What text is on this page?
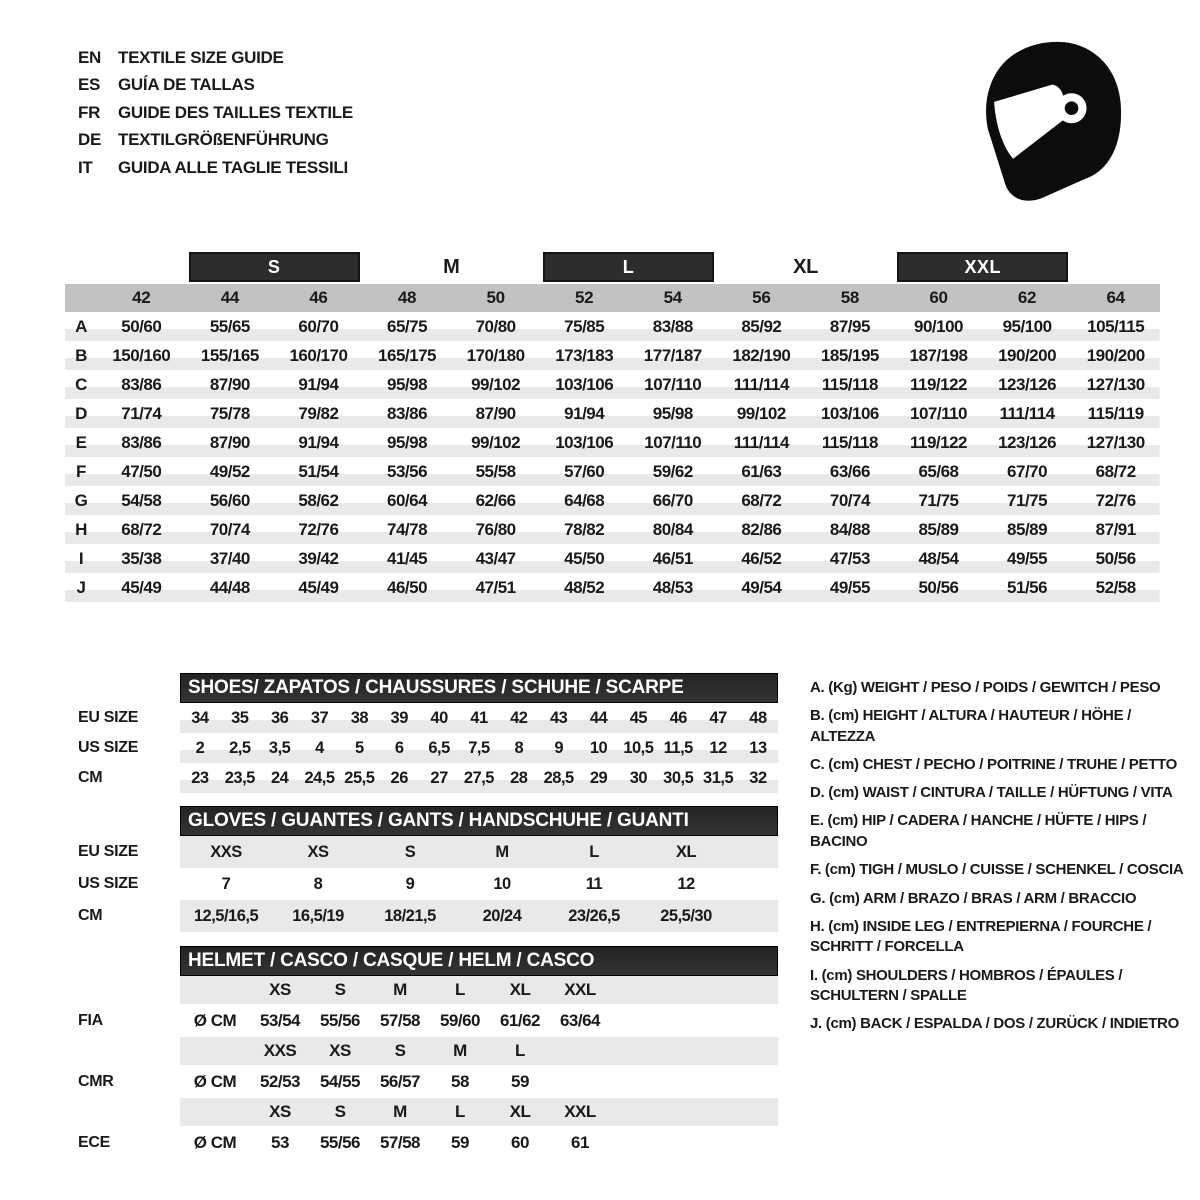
EN TEXTILE SIZE GUIDE
ES	GUÍA DE TALLAS
FR	GUIDE DES TAILLES TEXTILE
DE TEXTILGRÖßENFÜHRUNG
IT	GUIDA ALLE TAGLIE TESSILI

		S		M		L		XL		XXL		

	42	44	46	48	50	52	54	56	58	60	62	64
A	50/60	55/65	60/70	65/75	70/80	75/85	83/88	85/92	87/95	90/100	95/100	105/115
B	150/160	155/165	160/170	165/175	170/180	173/183	177/187	182/190	185/195	187/198	190/200	190/200
C	83/86	87/90	91/94	95/98	99/102	103/106	107/110	111/114	115/118	119/122	123/126	127/130
D	71/74	75/78	79/82	83/86	87/90	91/94	95/98	99/102	103/106	107/110	111/114	115/119
E	83/86	87/90	91/94	95/98	99/102	103/106	107/110	111/114	115/118	119/122	123/126	127/130
F	47/50	49/52	51/54	53/56	55/58	57/60	59/62	61/63	63/66	65/68	67/70	68/72
G	54/58	56/60	58/62	60/64	62/66	64/68	66/70	68/72	70/74	71/75	71/75	72/76
H	68/72	70/74	72/76	74/78	76/80	78/82	80/84	82/86	84/88	85/89	85/89	87/91
I	35/38	37/40	39/42	41/45	43/47	45/50	46/51	46/52	47/53	48/54	49/55	50/56
J	45/49	44/48	45/49	46/50	47/51	48/52	48/53	49/54	49/55	50/56	51/56	52/58
SHOES/ ZAPATOS / CHAUSSURES / SCHUHE / SCARPE
EU SIZE	34	35	36	37	38	39	40	41	42	43	44	45	46	47	48
US SIZE	2	2,5	3,5	4	5	6	6,5	7,5	8	9	10 10,5 11,5	12	13
CM	23 23,5 24 24,5 25,5 26	27 27,5 28 28,5 29	30 30,5 31,5 32
GLOVES / GUANTES / GANTS / HANDSCHUHE / GUANTI
EU SIZE	XXS	XS	S	M	L	XL
US SIZE	7	8	9	10	11	12
CM	12,5/16,5	16,5/19	18/21,5	20/24	23/26,5	25,5/30
HELMET / CASCO / CASQUE / HELM / CASCO
XS	S	M	L	XL	XXL
FIA	Ø CM	53/54	55/56	57/58	59/60	61/62	63/64
XXS	XS	S	M	L
CMR	Ø CM	52/53	54/55	56/57	58	59
XS	S	M	L	XL	XXL
ECE	Ø CM	53	55/56	57/58	59	60	61
A. (Kg) WEIGHT / PESO / POIDS / GEWITCH / PESO
B. (cm) HEIGHT / ALTURA / HAUTEUR / HÖHE / ALTEZZA
C. (cm) CHEST / PECHO / POITRINE / TRUHE / PETTO
D. (cm) WAIST / CINTURA / TAILLE / HÜFTUNG / VITA
E. (cm) HIP / CADERA / HANCHE / HÜFTE / HIPS / BACINO
F. (cm) TIGH / MUSLO / CUISSE / SCHENKEL / COSCIA
G. (cm) ARM / BRAZO / BRAS / ARM / BRACCIO
H. (cm) INSIDE LEG / ENTREPIERNA / FOURCHE / SCHRITT / FORCELLA
I. (cm) SHOULDERS / HOMBROS / ÉPAULES / SCHULTERN / SPALLE
J. (cm) BACK / ESPALDA / DOS / ZURÜCK / INDIETRO
